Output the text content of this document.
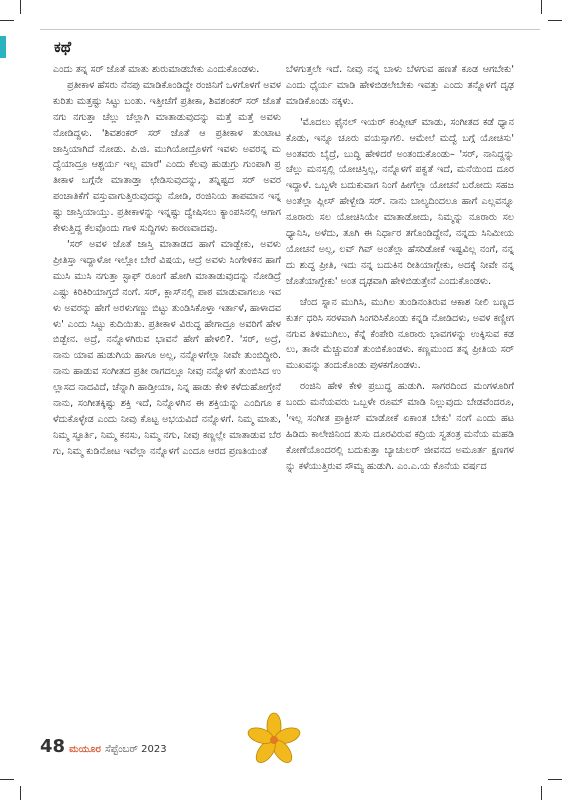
ಕಥೆ

ಎಂದು ತನ್ನ ಸರ್ ಜೊತೆ ಮಾತು ಶುರುಮಾಡಬೇಕು ಎಂದುಕೊಂಡಳು.

ಪ್ರತೀಕಾಳ ಹೆಸರು ನೆನಪು ಮಾಡಿಕೊಂಡಿದ್ದೇ ರಂಜಿನಿಗೆ ಒಳಗೊಳಗೆ ಅವಳ ಕುರಿತು ಮತ್ತಷ್ಟು ಸಿಟ್ಟು ಬಂತು. ಇತ್ತೀಚೆಗೆ ಪ್ರತೀಕಾ, ಶಿವಶಂಕರ್ ಸರ್ ಜೊತೆ ನಗು ನಗುತ್ತಾ ಚೆಲ್ಲು ಚೆಲ್ಲಾಗಿ ಮಾತಾಡುವುದನ್ನು ಮತ್ತೆ ಮತ್ತೆ ಅವಳು ನೋಡಿದ್ದಳು. 'ಶಿವಶಂಕರ್ ಸರ್ ಜೊತೆ ಆ ಪ್ರತೀಕಾಳ ತುಂಟಾಟ ಜಾಸ್ತಿಯಾಗಿದೆ ನೋಡು. ಪಿ.ಜಿ. ಮುಗಿಯೋದ್ರೊಳಗೆ ಇವಳು ಅವರನ್ನ ಮದ್ವೆಯಾದ್ರೂ ಆಶ್ಚರ್ಯ ಇಲ್ಲ ಮಾರೆ' ಎಂದು ಕೆಲವು ಹುಡುಗ್ರು ಗುಂಪಾಗಿ ಪ್ರತೀಕಾಳ ಬಗ್ಗೆನೇ ಮಾತಾಡ್ತಾ ಛೇಡಿಸುವುದನ್ನು, ತನ್ನಿಷ್ಟದ ಸರ್ ಅವರ ಪಂಚಾತಿಕೆಗೆ ವಸ್ತುವಾಗುತ್ತಿರುವುದನ್ನು ನೋಡಿ, ರಂಜಿನಿಯ ತಾಪಮಾನ ಇನ್ನಷ್ಟು ಜಾಸ್ತಿಯಾಯ್ತು. ಪ್ರತೀಕಾಳನ್ನು ಇನ್ನಷ್ಟು ದ್ವೇಷಿಸಲು ಕ್ಯಾಂಪಸಿನಲ್ಲಿ ಆಗಾಗ ಕೇಳುತ್ತಿದ್ದ ಕೆಲವೊಂದು ಗಾಳಿ ಸುದ್ದಿಗಳು ಕಾರಣವಾದವು.

'ಸರ್ ಅವಳ ಜೊತೆ ಜಾಸ್ತಿ ಮಾತಾಡದ ಹಾಗೆ ಮಾಡ್ಬೇಕು, ಅವಳು ಪ್ರೀತಿಸ್ತಾ ಇದ್ದಾಳೋ ಇಲ್ಲೋ ಬೇರೆ ವಿಷಯ, ಆದ್ರೆ ಅವಳು ಸಿಂಗೇಳಿಕನ ಹಾಗೆ ಮುಸಿ ಮುಸಿ ನಗುತ್ತಾ ಸ್ಟಾಫ್ ರೂಂಗೆ ಹೋಗಿ ಮಾತಾಡುವುದನ್ನು ನೋಡಿದ್ರೆ ಎಷ್ಟು ಕಿರಿಕಿರಿಯಾಗ್ತದೆ ನಂಗೆ. ಸರ್, ಕ್ಲಾಸ್‌ನಲ್ಲಿ ಪಾಠ ಮಾಡುವಾಗಲೂ ಇವಳು ಅವರನ್ನು ಹೇಗೆ ಅರಳುಗಣ್ಣು ಬಿಟ್ಟು ತುಂಡಿಸಿಕೊಳ್ತಾ ಇರ್ತಾಳೆ, ಹಾಳಾದವಳು' ಎಂದು ಸಿಟ್ಟು ಕುದಿಯಿತು. ಪ್ರತೀಕಾಳ ವಿರುದ್ಧ ಹೇಗಾದ್ರೂ ಅವರಿಗೆ ಹೇಳಬಿಡ್ಬೇನ. ಅದ್ರೆ, ನನ್ನೊಳಗಿರುವ ಭಾವನೆ ಹೇಗೆ ಹೇಳಲಿ?. 'ಸರ್, ಅದ್ರೆ, ನಾನು ಯಾವ ಹುಡುಗಿಯ ಹಾಗೂ ಅಲ್ಲ, ನನ್ನೊಳಗೆಲ್ಲಾ ನೀವೇ ತುಂಬಿದ್ದೀರಿ. ನಾನು ಹಾಡುವ ಸಂಗೀತದ ಪ್ರತೀ ರಾಗದಲ್ಲೂ ನೀವು ನನ್ನೊಳಗೆ ತುಂಬಿಸಿದ ಉಲ್ಲಾಸದ ನಾದವಿದೆ, ಚೆನ್ನಾಗಿ ಹಾಡ್ತೀಯಾ, ನಿನ್ನ ಹಾಡು ಕೇಳಿ ಕಳೆದುಹೋಗ್ತೇನೆ ನಾನು, ಸಂಗೀತಕ್ಕಿಷ್ಟು ಶಕ್ತಿ ಇದೆ, ನಿನ್ನೊಳಗಿನ ಈ ಶಕ್ತಿಯನ್ನು ಎಂದಿಗೂ ಕಳೆದುಕೊಳ್ಳೇಡ ಎಂದು ನೀವು ಕೊಟ್ಟ ಅಭಯವಿದೆ ನನ್ನೊಳಗೆ. ನಿಮ್ಮ ಮಾತು, ನಿಮ್ಮ ಸ್ಫೂರ್ತಿ, ನಿಮ್ಮ ಕನಸು, ನಿಮ್ಮ ನಗು, ನೀವು ಕಣ್ಣಲ್ಲೇ ಮಾತಾಡುವ ಬೆರಗು, ನಿಮ್ಮ ಕುಡಿನೋಟ ಇವೆಲ್ಲಾ ನನ್ನೊಳಗೆ ಎಂದೂ ಆರದ ಪ್ರಣತಿಯಂತೆ

ಬೆಳಗುತ್ತಲೇ ಇದೆ. ನೀವು ನನ್ನ ಬಾಳು ಬೆಳಗುವ ಹಣತೆ ಕೂಡ ಆಗಬೇಕು' ಎಂದು ಧೈರ್ಯ ಮಾಡಿ ಹೇಳಿಬಿಡಲೇಬೇಕು ಇವತ್ತು ಎಂದು ತನ್ನೊಳಗೆ ದೃಢ ಮಾಡಿಕೊಂಡು ನಕ್ಕಳು.

'ಮೊದಲು ಫೈನಲ್ ಇಯರ್ ಕಂಪ್ಲೀಟ್ ಮಾಡು, ಸಂಗೀತದ ಕಡೆ ಧ್ಯಾನ ಕೊಡು, ಇನ್ನೂ ಚೂರು ವಯಸ್ಸಾಗಲಿ. ಆಮೇಲೆ ಮದ್ವೆ ಬಗ್ಗೆ ಯೋಚಿಸು' ಅಂತವರು ಬೈದ್ರೆ, ಬುದ್ಧಿ ಹೇಳಿದರೆ ಅಂತಂದುಕೊಂಡು– 'ಸರ್, ನಾನಿದ್ದನ್ನು ಚೆಲ್ಲು ಮನಸ್ಸಲ್ಲಿ ಯೋಚಿಸ್ತಿಲ್ಲ, ನನ್ನೊಳಗೆ ಪಕ್ವತೆ ಇದೆ, ಮನೆಯಿಂದ ದೂರ ಇದ್ದಾಳೆ. ಒಬ್ಬಳೇ ಬದುಕುವಾಗ ನಿಂಗೆ ಹೀಗೆಲ್ಲಾ ಯೋಚನೆ ಬರೋದು ಸಹಜ ಅಂತೆಲ್ಲಾ ಪ್ಲೀಸ್ ಹೇಳ್ಬೇಡಿ ಸರ್. ನಾನು ಬಾಲ್ಯದಿಂದಲೂ ಹಾಗೆ ಎಲ್ಲವನ್ನೂ ನೂರಾರು ಸಲ ಯೋಚಿಸಿಯೇ ಮಾತಾಡೋದು, ನಿಮ್ಮನ್ನು ನೂರಾರು ಸಲ ಧ್ಯಾನಿಸಿ, ಅಳೆದು, ತೂಗಿ ಈ ನಿರ್ಧಾರ ತಗೊಂಡಿದ್ದೇನೆ, ನನ್ನದು ಸಿನಿಮೀಯ ಯೋಚನೆ ಅಲ್ಲ, ಲವ್ ಗಿವ್ ಅಂತೆಲ್ಲಾ ಹೆಸರಿಡೋಕೆ ಇಷ್ಟವಿಲ್ಲ ನಂಗೆ, ನನ್ನದು ಶುದ್ಧ ಪ್ರೀತಿ, ಇದು ನನ್ನ ಬದುಕಿನ ರೀತಿಯಾಗ್ಬೇಕು, ಅದಕ್ಕೆ ನೀವೇ ನನ್ನ ಜೊತೆಯಾಗ್ಬೇಕು' ಅಂತ ದೃಢವಾಗಿ ಹೇಳಿಬಿಡುತ್ತೇನೆ ಎಂದುಕೊಂಡಳು.

ಚೆಂದ ಸ್ನಾನ ಮುಗಿಸಿ, ಮುಗಿಲ ತುಂಡಿನಂತಿರುವ ಆಕಾಶ ನೀಲಿ ಬಣ್ಣದ ಕುರ್ತ ಧರಿಸಿ ಸರಳವಾಗಿ ಸಿಂಗರಿಸಿಕೊಂಡು ಕನ್ನಡಿ ನೋಡಿದಳು, ಅವಳ ಕಣ್ಣೀಗ ನಗುವ ತಿಳಿಮುಗಿಲು, ಕೆನ್ನೆ ಕೆಂಪೇರಿ ನೂರಾರು ಭಾವಗಳನ್ನು ಉಕ್ಕಿಸುವ ಕಡಲು, ತಾನೇ ಮೆಚ್ಚುವಂತೆ ತುಂಬಿಕೊಂಡಳು. ಕಣ್ಣಮುಂದ ತನ್ನ ಪ್ರೀತಿಯ ಸರ್ ಮುಖವನ್ನು ತಂದುಕೊಂಡು ಪುಳಕಗೊಂಡಳು.

ರಂಜಿನಿ ಹೇಳಿ ಕೇಳಿ ಪ್ರಬುದ್ಧ ಹುಡುಗಿ. ಸಾಗರದಿಂದ ಮಂಗಳೂರಿಗೆ ಬಂದು ಮನೆಯವರು ಒಬ್ಬಳೇ ರೂಮ್ ಮಾಡಿ ನಿಲ್ಲುವುದು ಬೇಡವೆಂದರೂ, 'ಇಲ್ಲ ಸಂಗೀತ ಪ್ರಾಕ್ಟೀಸ್ ಮಾಡೋಕೆ ಏಕಾಂತ ಬೇಕು' ನಂಗೆ ಎಂದು ಹಟಹಿಡಿದು ಕಾಲೇಜಿನಿಂದ ತುಸು ದೂರವಿರುವ ಕದ್ರಿಯ ಸ್ವತಂತ್ರ ಮನೆಯ ಮಹಡಿ ಕೋಣೆಯೊಂದರಲ್ಲಿ ಬದುಕುತ್ತಾ ಬ್ಯಾಚುಲರ್ ಜೀವನದ ಅಮೂರ್ತ ಕ್ಷಣಗಳನ್ನು ಕಳೆಯುತ್ತಿರುವ ಸೌಮ್ಯ ಹುಡುಗಿ. ಎಂ.ಎ.ಯ ಕೊನೆಯ ವರ್ಷದ

48 ಮಯೂರ ಸೆಪ್ಟೆಂಬರ್ 2023
